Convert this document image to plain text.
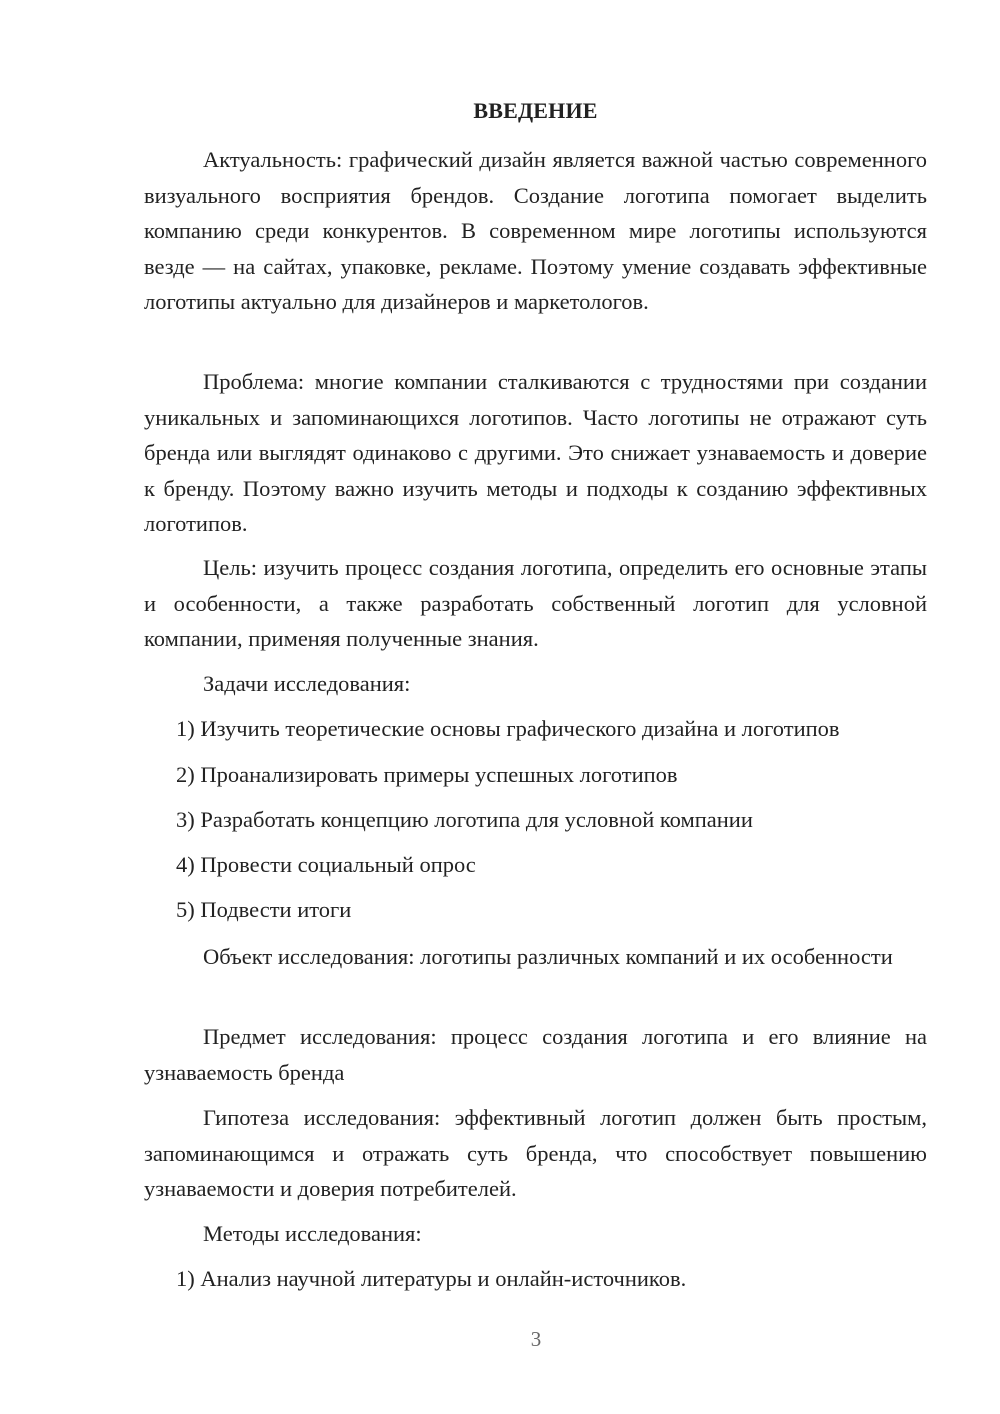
ВВЕДЕНИЕ

Актуальность: графический дизайн является важной частью современного визуального восприятия брендов. Создание логотипа помогает выделить компанию среди конкурентов. В современном мире логотипы используются везде — на сайтах, упаковке, рекламе. Поэтому умение создавать эффективные логотипы актуально для дизайнеров и маркетологов.

Проблема: многие компании сталкиваются с трудностями при создании уникальных и запоминающихся логотипов. Часто логотипы не отражают суть бренда или выглядят одинаково с другими. Это снижает узнаваемость и доверие к бренду. Поэтому важно изучить методы и подходы к созданию эффективных логотипов.

Цель: изучить процесс создания логотипа, определить его основные этапы и особенности, а также разработать собственный логотип для условной компании, применяя полученные знания.

Задачи исследования:

1) Изучить теоретические основы графического дизайна и логотипов

2) Проанализировать примеры успешных логотипов

3) Разработать концепцию логотипа для условной компании

4) Провести социальный опрос

5) Подвести итоги

Объект исследования: логотипы различных компаний и их особенности

Предмет исследования: процесс создания логотипа и его влияние на узнаваемость бренда

Гипотеза исследования: эффективный логотип должен быть простым, запоминающимся и отражать суть бренда, что способствует повышению узнаваемости и доверия потребителей.

Методы исследования:

1) Анализ научной литературы и онлайн-источников.

3
